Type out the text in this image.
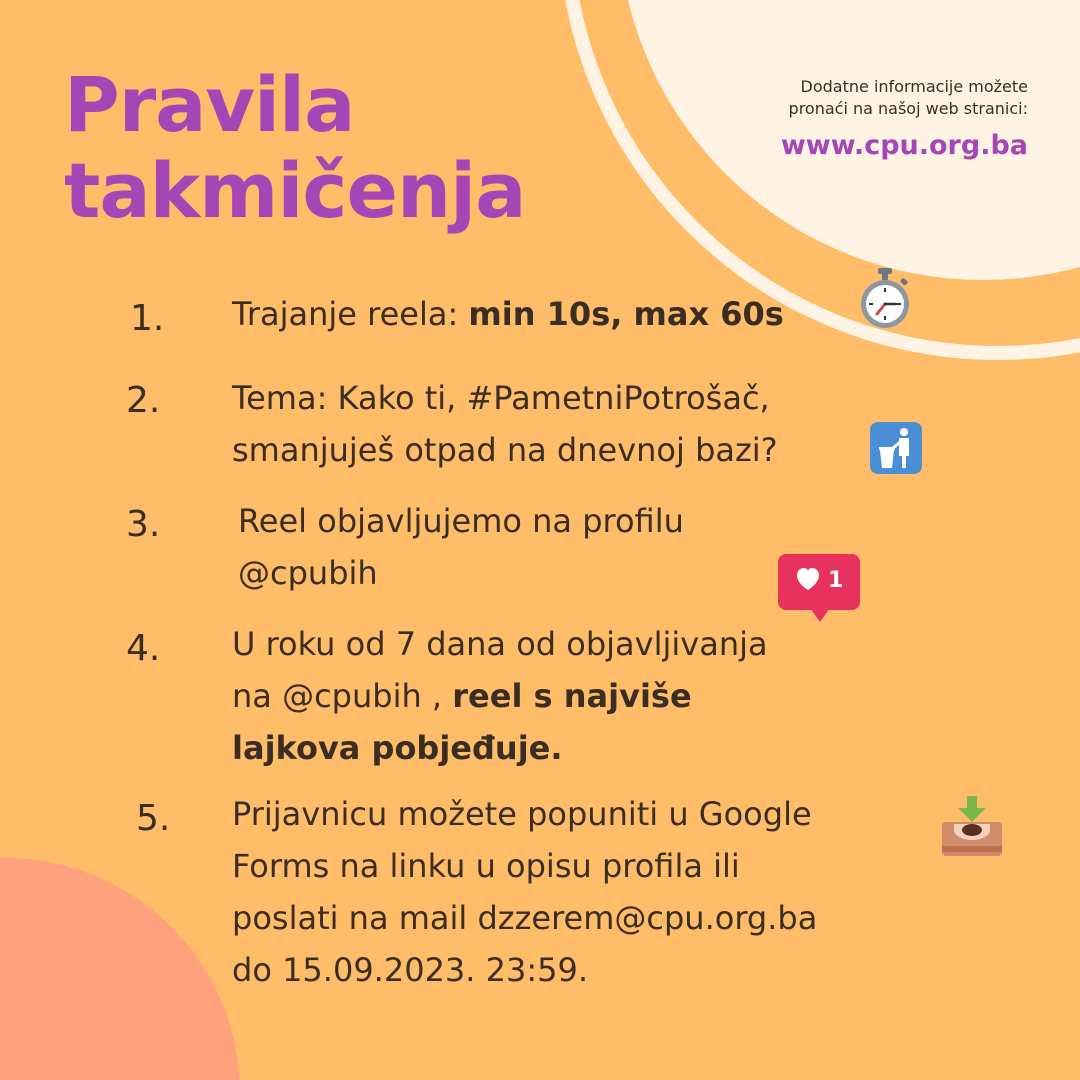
Pravila
takmičenja
Dodatne informacije možete
pronaći na našoj web stranici:
www.cpu.org.ba
1. Trajanje reela: min 10s, max 60s

2. Tema: Kako ti, #PametniPotrošač,
smanjuješ otpad na dnevnoj bazi?

3. Reel objavljujemo na profilu
@cpubih	1
4. U roku od 7 dana od objavljivanja
na @cpubih , reel s najviše
lajkova pobjeđuje.

5. Prijavnicu možete popuniti u Google
Forms na linku u opisu profila ili
poslati na mail dzzerem@cpu.org.ba
do 15.09.2023. 23:59.
